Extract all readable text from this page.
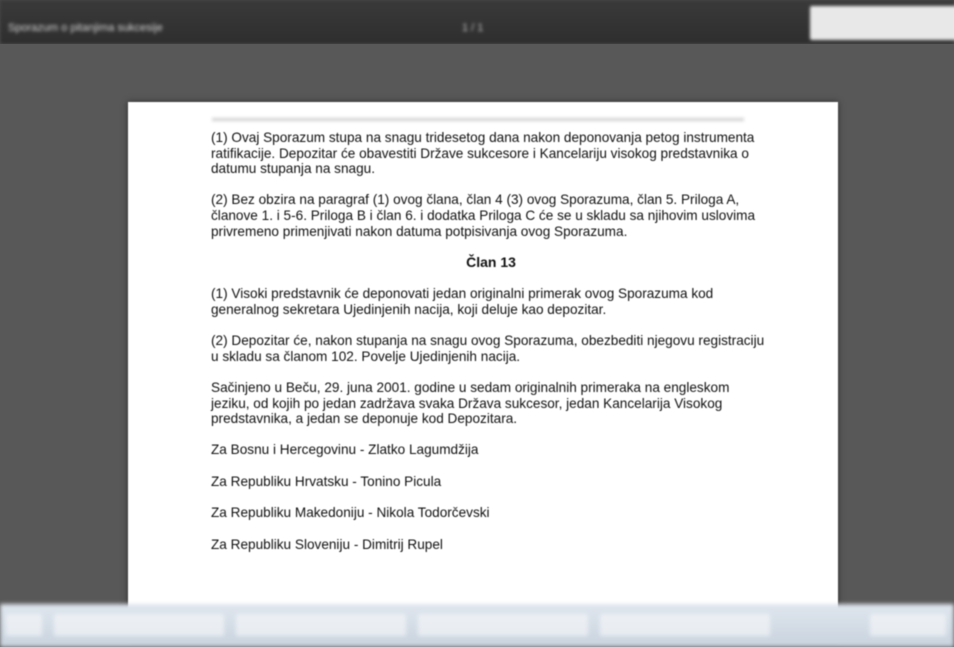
Sporazum o pitanjima sukcesije	1 / 1

(1) Ovaj Sporazum stupa na snagu tridesetog dana nakon deponovanja petog instrumenta ratifikacije. Depozitar će obavestiti Države sukcesore i Kancelariju visokog predstavnika o datumu stupanja na snagu.

(2) Bez obzira na paragraf (1) ovog člana, član 4 (3) ovog Sporazuma, član 5. Priloga A, članove 1. i 5-6. Priloga B i član 6. i dodatka Priloga C će se u skladu sa njihovim uslovima privremeno primenjivati nakon datuma potpisivanja ovog Sporazuma.

Član 13

(1) Visoki predstavnik će deponovati jedan originalni primerak ovog Sporazuma kod generalnog sekretara Ujedinjenih nacija, koji deluje kao depozitar.

(2) Depozitar će, nakon stupanja na snagu ovog Sporazuma, obezbediti njegovu registraciju u skladu sa članom 102. Povelje Ujedinjenih nacija.

Sačinjeno u Beču, 29. juna 2001. godine u sedam originalnih primeraka na engleskom jeziku, od kojih po jedan zadržava svaka Država sukcesor, jedan Kancelarija Visokog predstavnika, a jedan se deponuje kod Depozitara.

Za Bosnu i Hercegovinu - Zlatko Lagumdžija

Za Republiku Hrvatsku - Tonino Picula

Za Republiku Makedoniju - Nikola Todorčevski

Za Republiku Sloveniju - Dimitrij Rupel
